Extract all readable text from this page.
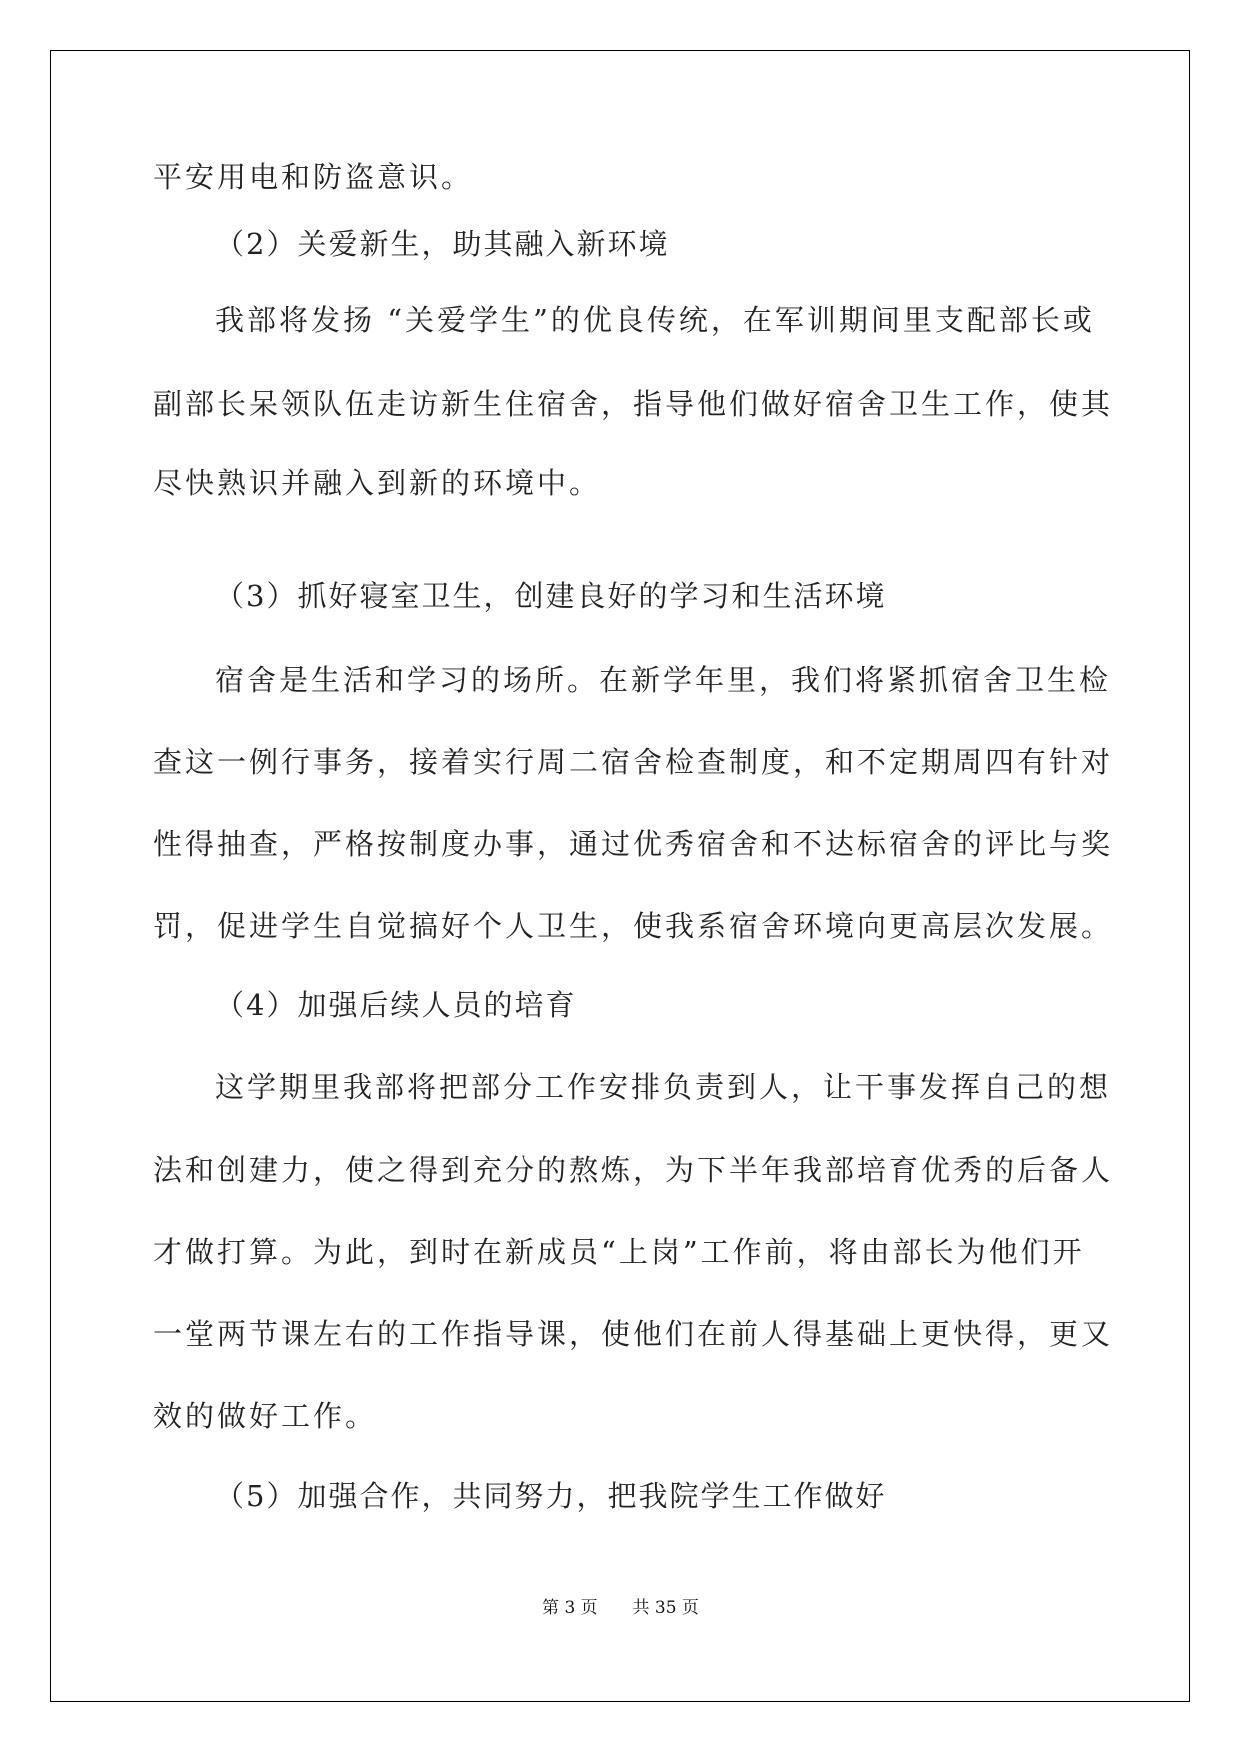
平安用电和防盗意识。
（2）关爱新生，助其融入新环境
我部将发扬 “关爱学生”的优良传统，在军训期间里支配部长或
副部长呆领队伍走访新生住宿舍，指导他们做好宿舍卫生工作，使其
尽快熟识并融入到新的环境中。
（3）抓好寝室卫生，创建良好的学习和生活环境
宿舍是生活和学习的场所。在新学年里，我们将紧抓宿舍卫生检
查这一例行事务，接着实行周二宿舍检查制度，和不定期周四有针对
性得抽查，严格按制度办事，通过优秀宿舍和不达标宿舍的评比与奖
罚，促进学生自觉搞好个人卫生，使我系宿舍环境向更高层次发展。
（4）加强后续人员的培育
这学期里我部将把部分工作安排负责到人，让干事发挥自己的想
法和创建力，使之得到充分的熬炼，为下半年我部培育优秀的后备人
才做打算。为此，到时在新成员“上岗”工作前，将由部长为他们开
一堂两节课左右的工作指导课，使他们在前人得基础上更快得，更又
效的做好工作。
（5）加强合作，共同努力，把我院学生工作做好
第 3 页 共 35 页
